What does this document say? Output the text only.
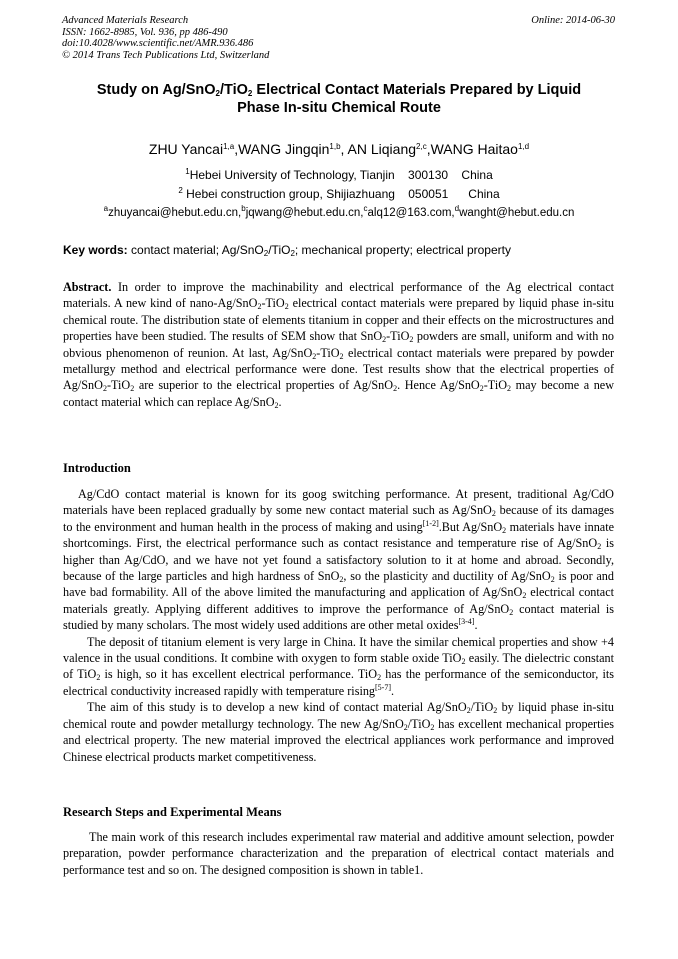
Advanced Materials Research
ISSN: 1662-8985, Vol. 936, pp 486-490
doi:10.4028/www.scientific.net/AMR.936.486
© 2014 Trans Tech Publications Ltd, Switzerland
Online: 2014-06-30
Study on Ag/SnO$_2$/TiO$_2$ Electrical Contact Materials Prepared by Liquid
Phase In-situ Chemical Route
ZHU Yancai$^{1,a}$,WANG Jingqin$^{1,b}$, AN Liqiang$^{2,c}$,WANG Haitao$^{1,d}$
$^1$Hebei University of Technology, Tianjin    300130    China
$^2$ Hebei construction group, Shijiazhuang    050051      China
$^a$zhuyancai@hebut.edu.cn,$^b$jqwang@hebut.edu.cn,$^c$alq12@163.com,$^d$wanght@hebut.edu.cn
Key words: contact material; Ag/SnO$_2$/TiO$_2$; mechanical property; electrical property

Abstract. In order to improve the machinability and electrical performance of the Ag electrical contact materials. A new kind of nano-Ag/SnO$_2$-TiO$_2$ electrical contact materials were prepared by liquid phase in-situ chemical route. The distribution state of elements titanium in copper and their effects on the microstructures and properties have been studied. The results of SEM show that SnO$_2$-TiO$_2$ powders are small, uniform and with no obvious phenomenon of reunion. At last, Ag/SnO$_2$-TiO$_2$ electrical contact materials were prepared by powder metallurgy method and electrical performance were done. Test results show that the electrical properties of Ag/SnO$_2$-TiO$_2$ are superior to the electrical properties of Ag/SnO$_2$. Hence Ag/SnO$_2$-TiO$_2$ may become a new contact material which can replace Ag/SnO$_2$.

Introduction

Ag/CdO contact material is known for its goog switching performance. At present, traditional Ag/CdO materials have been replaced gradually by some new contact material such as Ag/SnO$_2$ because of its damages to the environment and human health in the process of making and using[1-2].But Ag/SnO$_2$ materials have innate shortcomings. First, the electrical performance such as contact resistance and temperature rise of Ag/SnO$_2$ is higher than Ag/CdO, and we have not yet found a satisfactory solution to it at home and abroad. Secondly, because of the large particles and high hardness of SnO$_2$, so the plasticity and ductility of Ag/SnO$_2$ is poor and have bad formability. All of the above limited the manufacturing and application of Ag/SnO$_2$ electrical contact materials greatly. Applying different additives to improve the performance of Ag/SnO$_2$ contact material is studied by many scholars. The most widely used additions are other metal oxides[3-4].

The deposit of titanium element is very large in China. It have the similar chemical properties and show +4 valence in the usual conditions. It combine with oxygen to form stable oxide TiO$_2$ easily. The dielectric constant of TiO$_2$ is high, so it has excellent electrical performance. TiO$_2$ has the performance of the semiconductor, its electrical conductivity increased rapidly with temperature rising[5-7].

The aim of this study is to develop a new kind of contact material Ag/SnO$_2$/TiO$_2$ by liquid phase in-situ chemical route and powder metallurgy technology. The new Ag/SnO$_2$/TiO$_2$ has excellent mechanical properties and electrical property. The new material improved the electrical appliances work performance and improved Chinese electrical products market competitiveness.

Research Steps and Experimental Means

The main work of this research includes experimental raw material and additive amount selection, powder preparation, powder performance characterization and the preparation of electrical contact materials and performance test and so on. The designed composition is shown in table1.
